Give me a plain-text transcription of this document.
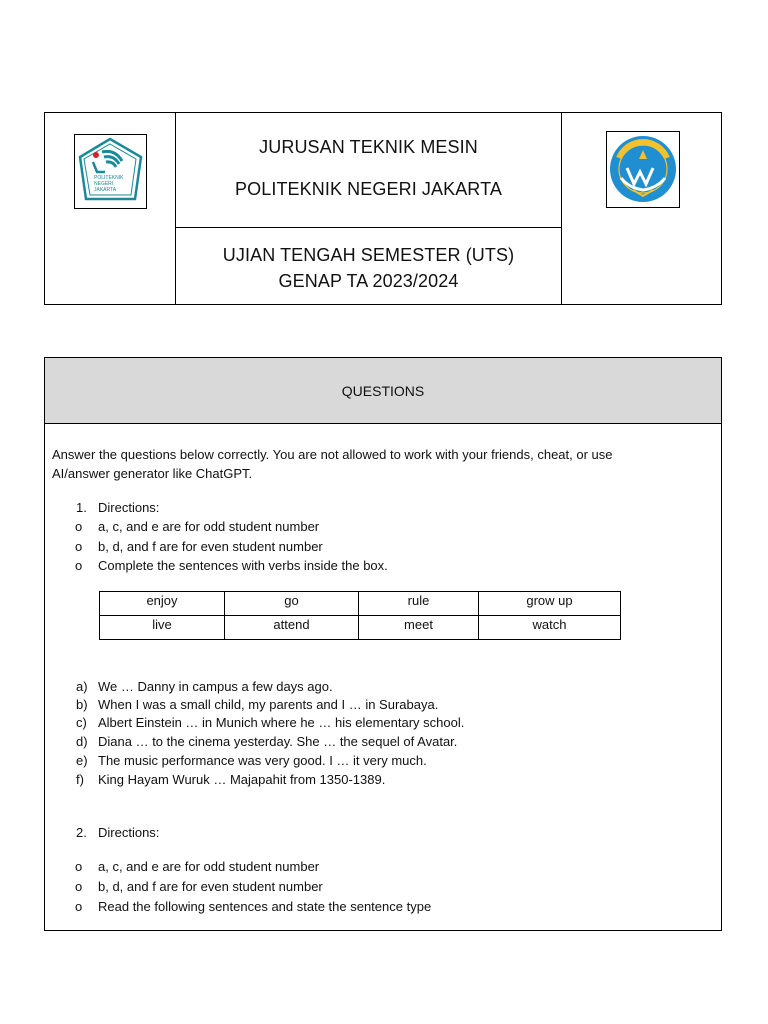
POLITEKNIK
NEGERI
JAKARTA
JURUSAN TEKNIK MESIN
POLITEKNIK NEGERI JAKARTA
UJIAN TENGAH SEMESTER (UTS)
GENAP TA 2023/2024
QUESTIONS
Answer the questions below correctly. You are not allowed to work with your friends, cheat, or use
AI/answer generator like ChatGPT.
1. Directions:
o a, c, and e are for odd student number
o b, d, and f are for even student number
o Complete the sentences with verbs inside the box.
enjoy	go	rule	grow up
live	attend	meet	watch
a) We … Danny in campus a few days ago.
b) When I was a small child, my parents and I … in Surabaya.
c) Albert Einstein … in Munich where he … his elementary school.
d) Diana … to the cinema yesterday. She … the sequel of Avatar.
e) The music performance was very good. I … it very much.
f) King Hayam Wuruk … Majapahit from 1350-1389.
2. Directions:
o a, c, and e are for odd student number
o b, d, and f are for even student number
o Read the following sentences and state the sentence type
